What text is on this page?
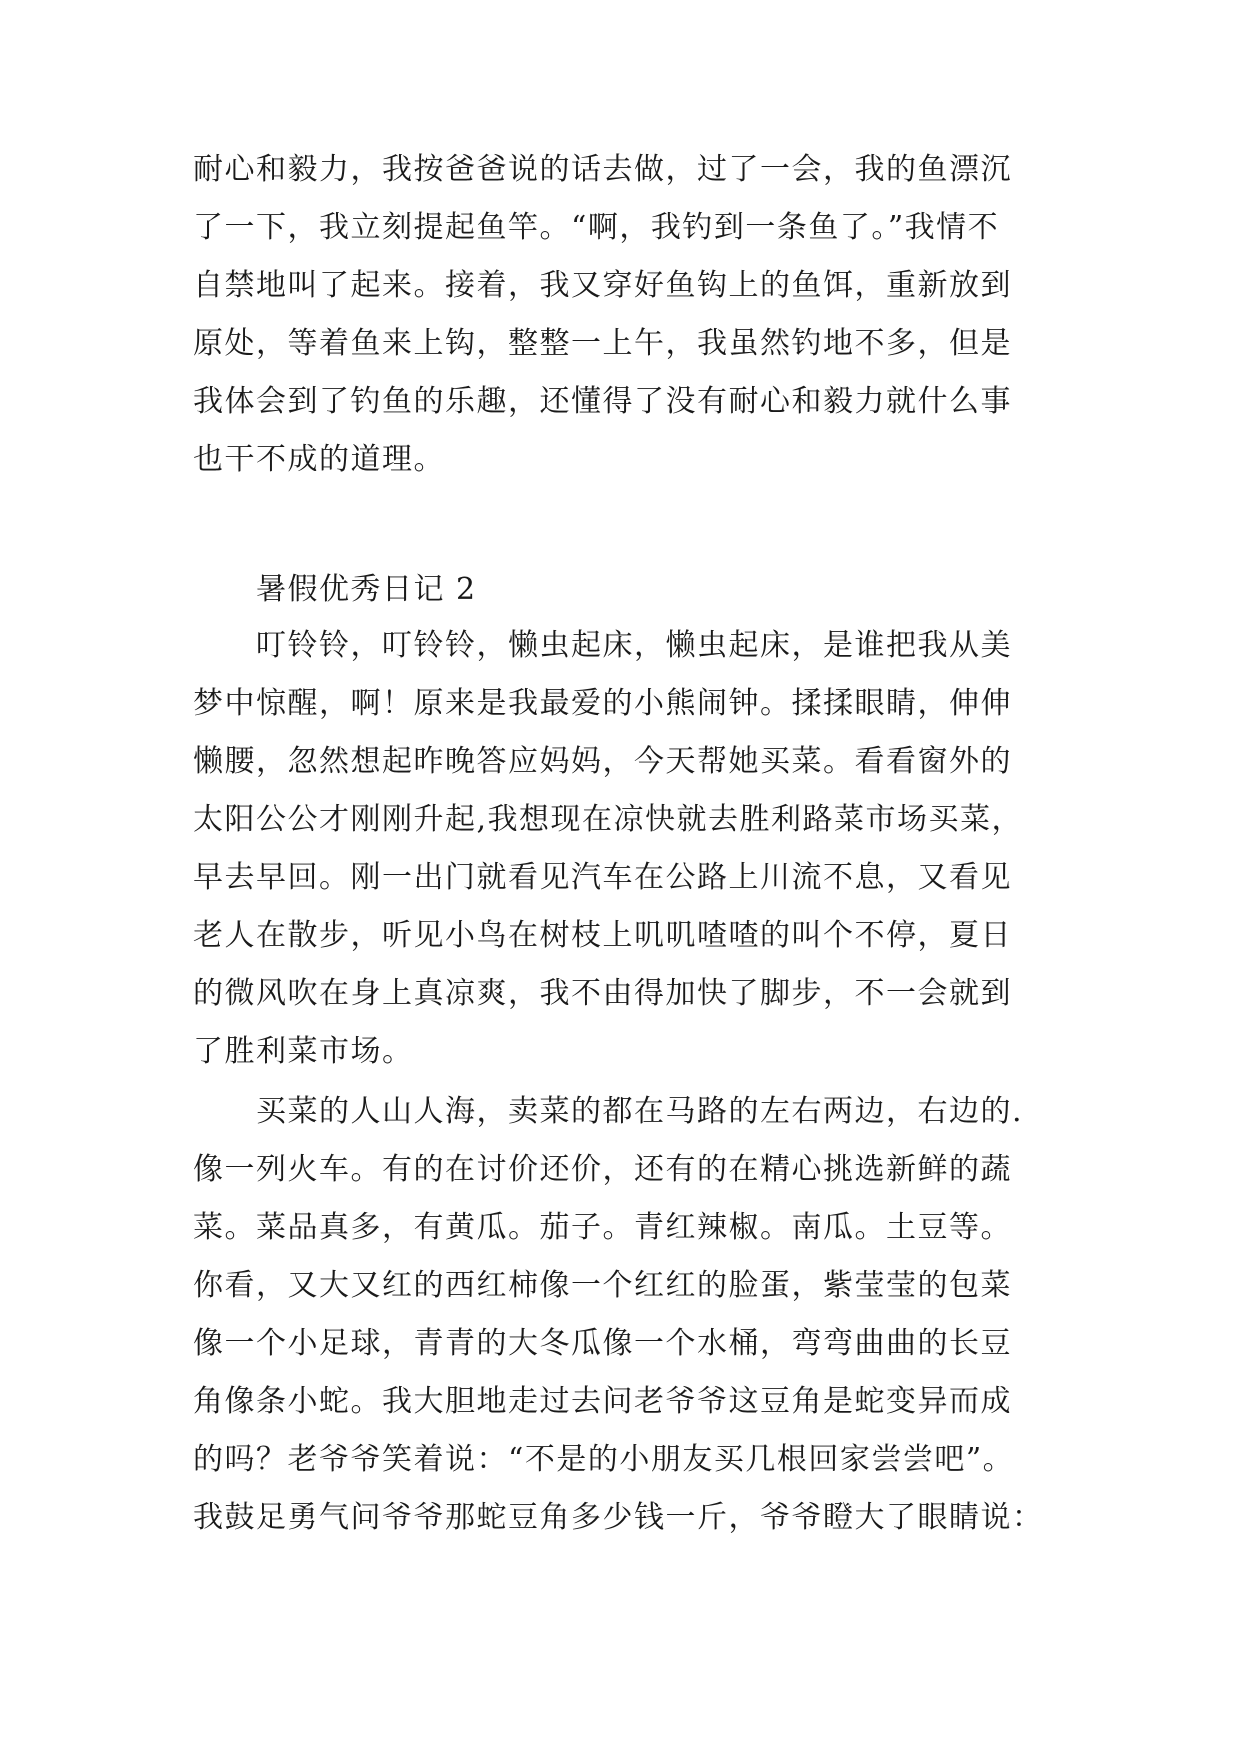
耐心和毅力，我按爸爸说的话去做，过了一会，我的鱼漂沉
了一下，我立刻提起鱼竿。“啊，我钓到一条鱼了。”我情不
自禁地叫了起来。接着，我又穿好鱼钩上的鱼饵，重新放到
原处，等着鱼来上钩，整整一上午，我虽然钓地不多，但是
我体会到了钓鱼的乐趣，还懂得了没有耐心和毅力就什么事
也干不成的道理。
暑假优秀日记 2
叮铃铃，叮铃铃，懒虫起床，懒虫起床，是谁把我从美
梦中惊醒，啊！原来是我最爱的小熊闹钟。揉揉眼睛，伸伸
懒腰，忽然想起昨晚答应妈妈，今天帮她买菜。看看窗外的
太阳公公才刚刚升起,我想现在凉快就去胜利路菜市场买菜，
早去早回。刚一出门就看见汽车在公路上川流不息，又看见
老人在散步，听见小鸟在树枝上叽叽喳喳的叫个不停，夏日
的微风吹在身上真凉爽，我不由得加快了脚步，不一会就到
了胜利菜市场。
买菜的人山人海，卖菜的都在马路的左右两边，右边的.
像一列火车。有的在讨价还价，还有的在精心挑选新鲜的蔬
菜。菜品真多，有黄瓜。茄子。青红辣椒。南瓜。土豆等。
你看，又大又红的西红柿像一个红红的脸蛋，紫莹莹的包菜
像一个小足球，青青的大冬瓜像一个水桶，弯弯曲曲的长豆
角像条小蛇。我大胆地走过去问老爷爷这豆角是蛇变异而成
的吗？老爷爷笑着说：“不是的小朋友买几根回家尝尝吧”。
我鼓足勇气问爷爷那蛇豆角多少钱一斤，爷爷瞪大了眼睛说：
